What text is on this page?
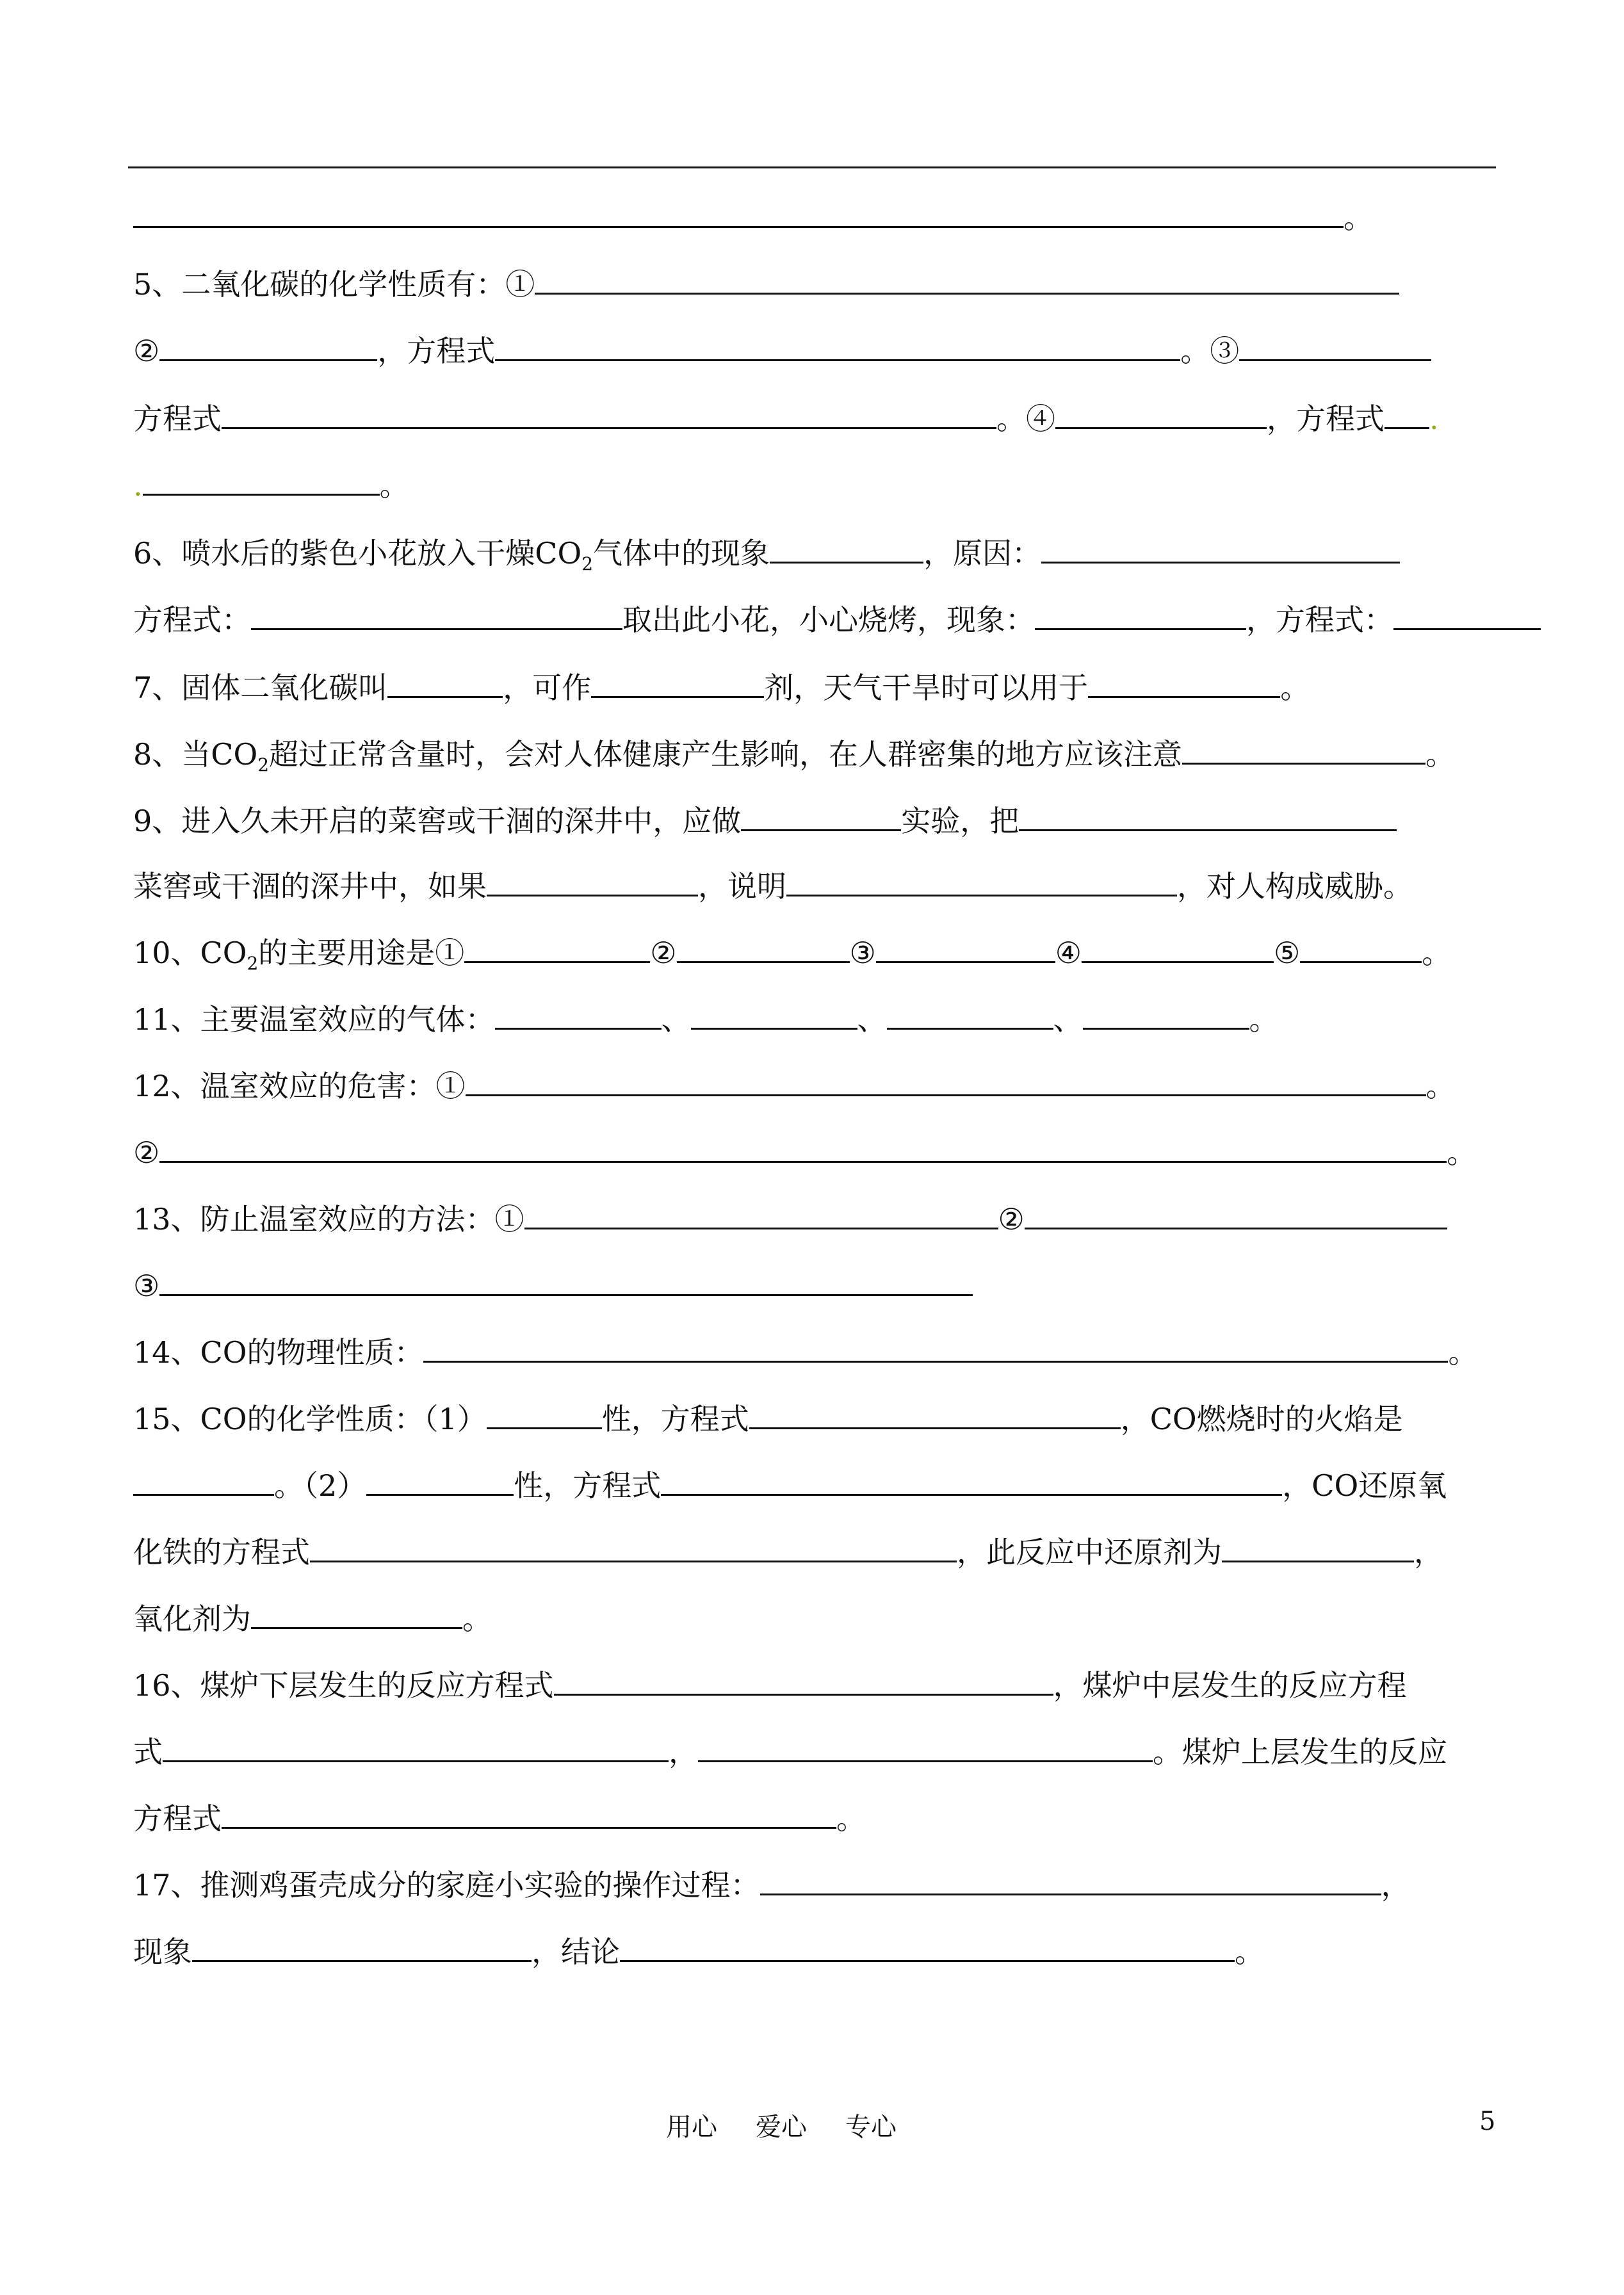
。
5、二氧化碳的化学性质有：①
②	，方程式	。③
方程式	。④	，方程式 .
.	。
6、喷水后的紫色小花放入干燥$CO_2$气体中的现象	，原因：
方程式：	取出此小花，小心烧烤，现象：	，方程式：
7、固体二氧化碳叫	，可作	剂，天气干旱时可以用于	。
8、当$CO_2$超过正常含量时，会对人体健康产生影响，在人群密集的地方应该注意	。
9、进入久未开启的菜窖或干涸的深井中，应做	实验，把
菜窖或干涸的深井中，如果	，说明	，对人构成威胁。
10、$CO_2$的主要用途是①	②	③	④	⑤	。
11、主要温室效应的气体：	、	、	、	。
12、温室效应的危害：①	。
②	。
13、防止温室效应的方法：①	②
③
14、CO的物理性质：	。
15、CO的化学性质：（1）	性，方程式	，CO燃烧时的火焰是
。（2）	性，方程式	，CO还原氧
化铁的方程式	，此反应中还原剂为	，
氧化剂为	。
16、煤炉下层发生的反应方程式	，煤炉中层发生的反应方程
式	，	。煤炉上层发生的反应
方程式	。
17、推测鸡蛋壳成分的家庭小实验的操作过程：	，
现象	，结论	。
用心 爱心 专心	5
